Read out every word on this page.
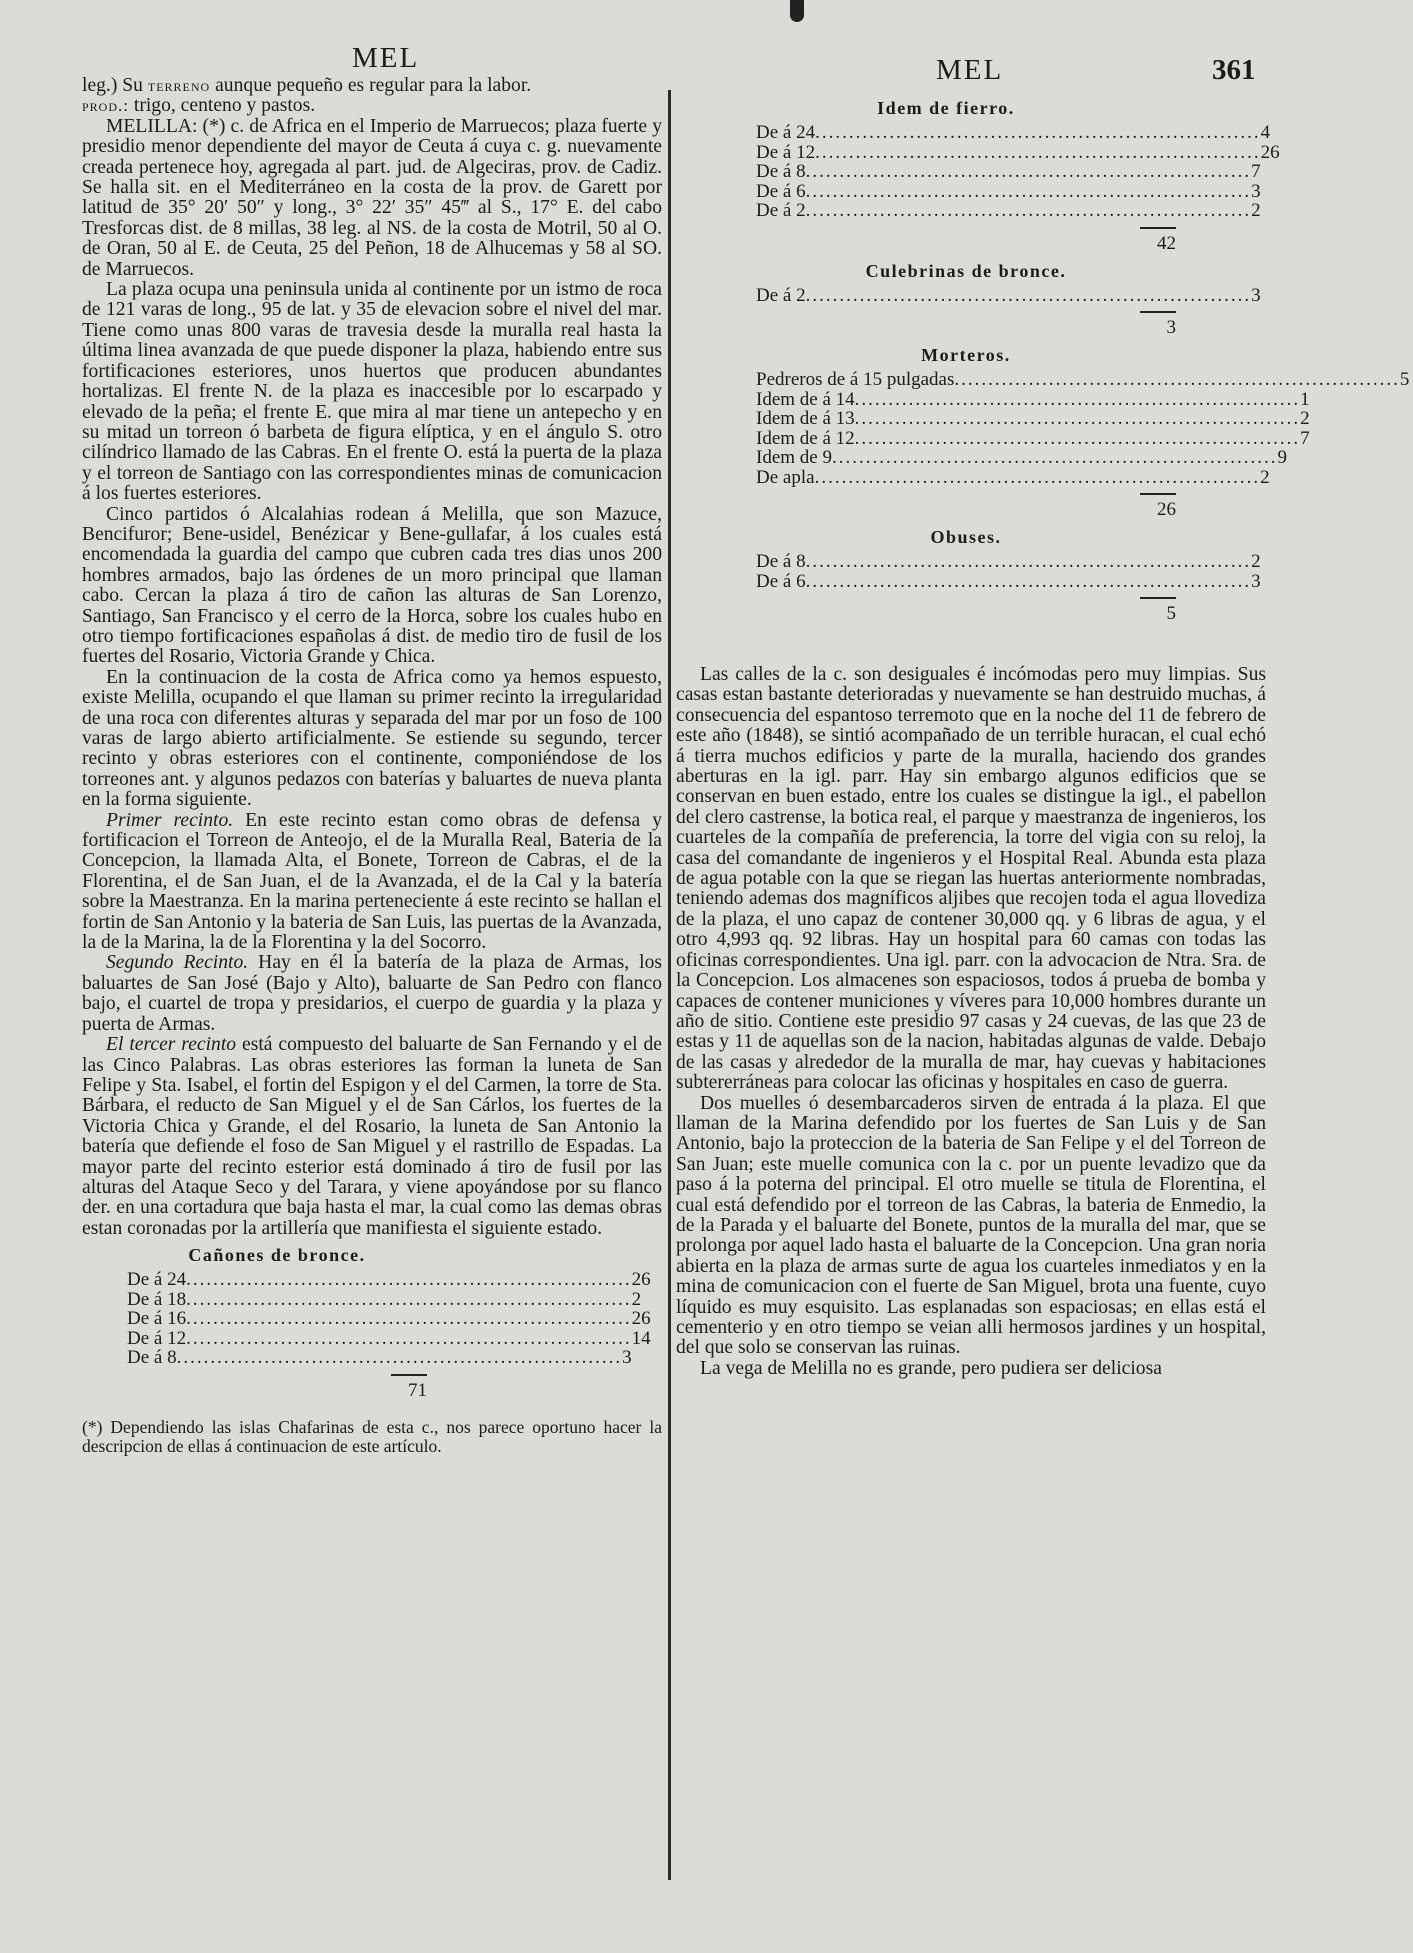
MEL	MEL	361

leg.) Su terreno aunque pequeño es regular para la labor.
prod.: trigo, centeno y pastos.

MELILLA: (*) c. de Africa en el Imperio de Marruecos; plaza fuerte y presidio menor dependiente del mayor de Ceuta á cuya c. g. nuevamente creada pertenece hoy, agregada al part. jud. de Algeciras, prov. de Cadiz. Se halla sit. en el Mediterráneo en la costa de la prov. de Garett por latitud de 35° 20′ 50″ y long., 3° 22′ 35″ 45‴ al S., 17° E. del cabo Tresforcas dist. de 8 millas, 38 leg. al NS. de la costa de Motril, 50 al O. de Oran, 50 al E. de Ceuta, 25 del Peñon, 18 de Alhucemas y 58 al SO. de Marruecos.

La plaza ocupa una peninsula unida al continente por un istmo de roca de 121 varas de long., 95 de lat. y 35 de elevacion sobre el nivel del mar. Tiene como unas 800 varas de travesia desde la muralla real hasta la última linea avanzada de que puede disponer la plaza, habiendo entre sus fortificaciones esteriores, unos huertos que producen abundantes hortalizas. El frente N. de la plaza es inaccesible por lo escarpado y elevado de la peña; el frente E. que mira al mar tiene un antepecho y en su mitad un torreon ó barbeta de figura elíptica, y en el ángulo S. otro cilíndrico llamado de las Cabras. En el frente O. está la puerta de la plaza y el torreon de Santiago con las correspondientes minas de comunicacion á los fuertes esteriores.

Cinco partidos ó Alcalahias rodean á Melilla, que son Mazuce, Bencifuror; Bene-usidel, Benézicar y Bene-gullafar, á los cuales está encomendada la guardia del campo que cubren cada tres dias unos 200 hombres armados, bajo las órdenes de un moro principal que llaman cabo. Cercan la plaza á tiro de cañon las alturas de San Lorenzo, Santiago, San Francisco y el cerro de la Horca, sobre los cuales hubo en otro tiempo fortificaciones españolas á dist. de medio tiro de fusil de los fuertes del Rosario, Victoria Grande y Chica.

En la continuacion de la costa de Africa como ya hemos espuesto, existe Melilla, ocupando el que llaman su primer recinto la irregularidad de una roca con diferentes alturas y separada del mar por un foso de 100 varas de largo abierto artificialmente. Se estiende su segundo, tercer recinto y obras esteriores con el continente, componiéndose de los torreones ant. y algunos pedazos con baterías y baluartes de nueva planta en la forma siguiente.

Primer recinto. En este recinto estan como obras de defensa y fortificacion el Torreon de Anteojo, el de la Muralla Real, Bateria de la Concepcion, la llamada Alta, el Bonete, Torreon de Cabras, el de la Florentina, el de San Juan, el de la Avanzada, el de la Cal y la batería sobre la Maestranza. En la marina perteneciente á este recinto se hallan el fortin de San Antonio y la bateria de San Luis, las puertas de la Avanzada, la de la Marina, la de la Florentina y la del Socorro.

Segundo Recinto. Hay en él la batería de la plaza de Armas, los baluartes de San José (Bajo y Alto), baluarte de San Pedro con flanco bajo, el cuartel de tropa y presidarios, el cuerpo de guardia y la plaza y puerta de Armas.

El tercer recinto está compuesto del baluarte de San Fernando y el de las Cinco Palabras. Las obras esteriores las forman la luneta de San Felipe y Sta. Isabel, el fortin del Espigon y el del Carmen, la torre de Sta. Bárbara, el reducto de San Miguel y el de San Cárlos, los fuertes de la Victoria Chica y Grande, el del Rosario, la luneta de San Antonio la batería que defiende el foso de San Miguel y el rastrillo de Espadas. La mayor parte del recinto esterior está dominado á tiro de fusil por las alturas del Ataque Seco y del Tarara, y viene apoyándose por su flanco der. en una cortadura que baja hasta el mar, la cual como las demas obras estan coronadas por la artillería que manifiesta el siguiente estado.

Cañones de bronce.
De á 24 .................................................................. 26
De á 18 .................................................................. 2
De á 16 .................................................................. 26
De á 12 .................................................................. 14
De á 8 .................................................................. 3
71

(*) Dependiendo las islas Chafarinas de esta c., nos parece oportuno hacer la descripcion de ellas á continuacion de este artículo.

Idem de fierro.
De á 24 .................................................................. 4
De á 12 .................................................................. 26
De á 8 .................................................................. 7
De á 6 .................................................................. 3
De á 2 .................................................................. 2
42
Culebrinas de bronce.
De á 2 .................................................................. 3
3
Morteros.
Pedreros de á 15 pulgadas .................................................................. 5
Idem de á 14 .................................................................. 1
Idem de á 13 .................................................................. 2
Idem de á 12 .................................................................. 7
Idem de 9 .................................................................. 9
De apla .................................................................. 2
26
Obuses.
De á 8 .................................................................. 2
De á 6 .................................................................. 3
5

Las calles de la c. son desiguales é incómodas pero muy limpias. Sus casas estan bastante deterioradas y nuevamente se han destruido muchas, á consecuencia del espantoso terremoto que en la noche del 11 de febrero de este año (1848), se sintió acompañado de un terrible huracan, el cual echó á tierra muchos edificios y parte de la muralla, haciendo dos grandes aberturas en la igl. parr. Hay sin embargo algunos edificios que se conservan en buen estado, entre los cuales se distingue la igl., el pabellon del clero castrense, la botica real, el parque y maestranza de ingenieros, los cuarteles de la compañía de preferencia, la torre del vigia con su reloj, la casa del comandante de ingenieros y el Hospital Real. Abunda esta plaza de agua potable con la que se riegan las huertas anteriormente nombradas, teniendo ademas dos magníficos aljibes que recojen toda el agua llovediza de la plaza, el uno capaz de contener 30,000 qq. y 6 libras de agua, y el otro 4,993 qq. 92 libras. Hay un hospital para 60 camas con todas las oficinas correspondientes. Una igl. parr. con la advocacion de Ntra. Sra. de la Concepcion. Los almacenes son espaciosos, todos á prueba de bomba y capaces de contener municiones y víveres para 10,000 hombres durante un año de sitio. Contiene este presidio 97 casas y 24 cuevas, de las que 23 de estas y 11 de aquellas son de la nacion, habitadas algunas de valde. Debajo de las casas y alrededor de la muralla de mar, hay cuevas y habitaciones subtererráneas para colocar las oficinas y hospitales en caso de guerra.

Dos muelles ó desembarcaderos sirven de entrada á la plaza. El que llaman de la Marina defendido por los fuertes de San Luis y de San Antonio, bajo la proteccion de la bateria de San Felipe y el del Torreon de San Juan; este muelle comunica con la c. por un puente levadizo que da paso á la poterna del principal. El otro muelle se titula de Florentina, el cual está defendido por el torreon de las Cabras, la bateria de Enmedio, la de la Parada y el baluarte del Bonete, puntos de la muralla del mar, que se prolonga por aquel lado hasta el baluarte de la Concepcion. Una gran noria abierta en la plaza de armas surte de agua los cuarteles inmediatos y en la mina de comunicacion con el fuerte de San Miguel, brota una fuente, cuyo líquido es muy esquisito. Las esplanadas son espaciosas; en ellas está el cementerio y en otro tiempo se veian alli hermosos jardines y un hospital, del que solo se conservan las ruinas.

La vega de Melilla no es grande, pero pudiera ser deliciosa
